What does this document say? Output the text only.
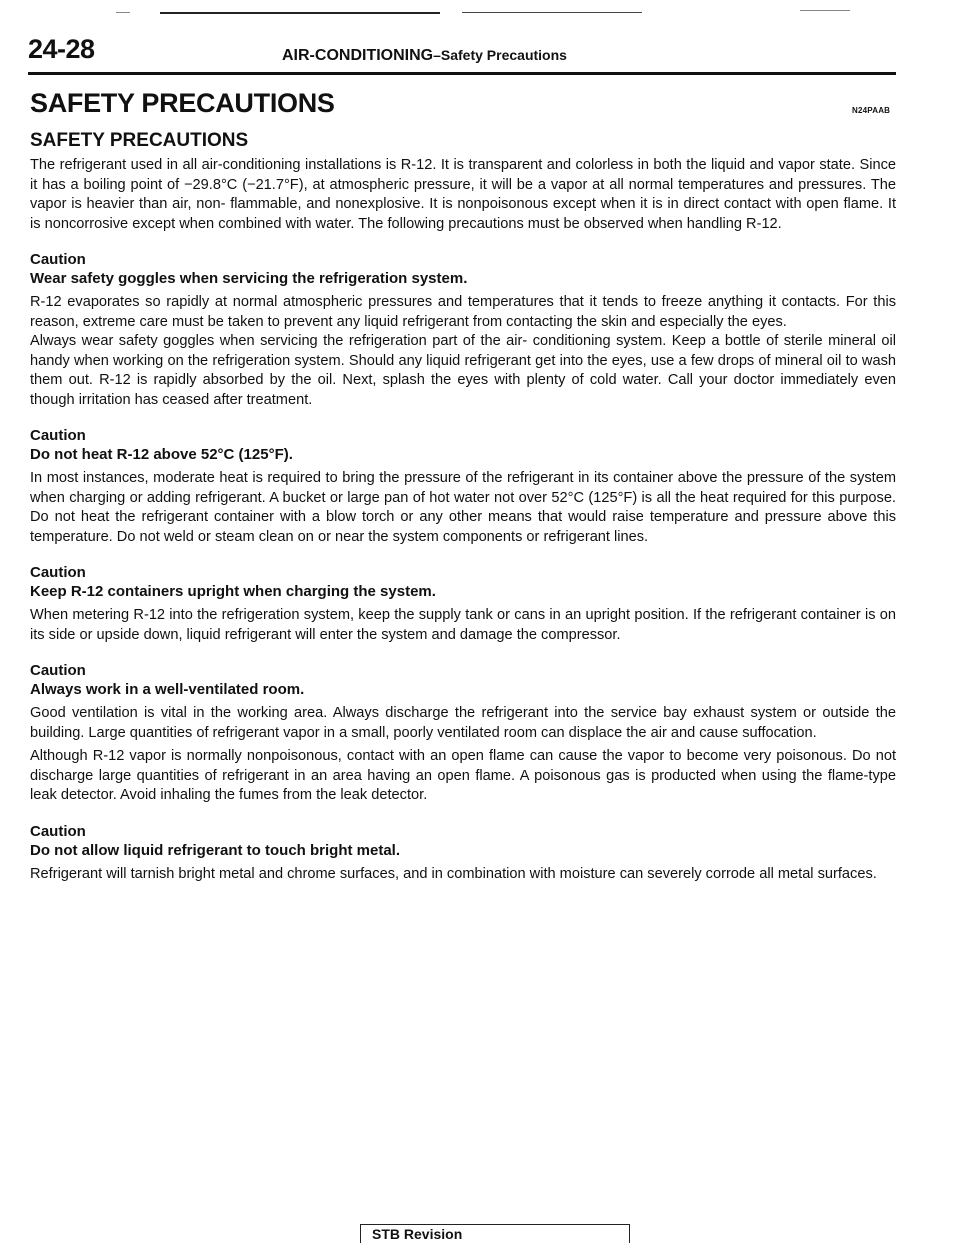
24-28	AIR-CONDITIONING–Safety Precautions
SAFETY PRECAUTIONS	N24PAAB
SAFETY PRECAUTIONS

The refrigerant used in all air-conditioning installations is R-12. It is transparent and colorless in both the liquid and vapor state. Since it has a boiling point of −29.8°C (−21.7°F), at atmospheric pressure, it will be a vapor at all normal temperatures and pressures. The vapor is heavier than air, non- flammable, and nonexplosive. It is nonpoisonous except when it is in direct contact with open flame. It is noncorrosive except when combined with water. The following precautions must be observed when handling R-12.

Caution

Wear safety goggles when servicing the refrigeration system.

R-12 evaporates so rapidly at normal atmospheric pressures and temperatures that it tends to freeze anything it contacts. For this reason, extreme care must be taken to prevent any liquid refrigerant from contacting the skin and especially the eyes.

Always wear safety goggles when servicing the refrigeration part of the air- conditioning system. Keep a bottle of sterile mineral oil handy when working on the refrigeration system. Should any liquid refrigerant get into the eyes, use a few drops of mineral oil to wash them out. R-12 is rapidly absorbed by the oil. Next, splash the eyes with plenty of cold water. Call your doctor immediately even though irritation has ceased after treatment.

Caution

Do not heat R-12 above 52°C (125°F).

In most instances, moderate heat is required to bring the pressure of the refrigerant in its container above the pressure of the system when charging or adding refrigerant. A bucket or large pan of hot water not over 52°C (125°F) is all the heat required for this purpose. Do not heat the refrigerant container with a blow torch or any other means that would raise temperature and pressure above this temperature. Do not weld or steam clean on or near the system components or refrigerant lines.

Caution

Keep R-12 containers upright when charging the system.

When metering R-12 into the refrigeration system, keep the supply tank or cans in an upright position. If the refrigerant container is on its side or upside down, liquid refrigerant will enter the system and damage the compressor.

Caution

Always work in a well-ventilated room.

Good ventilation is vital in the working area. Always discharge the refrigerant into the service bay exhaust system or outside the building. Large quantities of refrigerant vapor in a small, poorly ventilated room can displace the air and cause suffocation.

Although R-12 vapor is normally nonpoisonous, contact with an open flame can cause the vapor to become very poisonous. Do not discharge large quantities of refrigerant in an area having an open flame. A poisonous gas is producted when using the flame-type leak detector. Avoid inhaling the fumes from the leak detector.

Caution

Do not allow liquid refrigerant to touch bright metal.

Refrigerant will tarnish bright metal and chrome surfaces, and in combination with moisture can severely corrode all metal surfaces.

STB Revision
